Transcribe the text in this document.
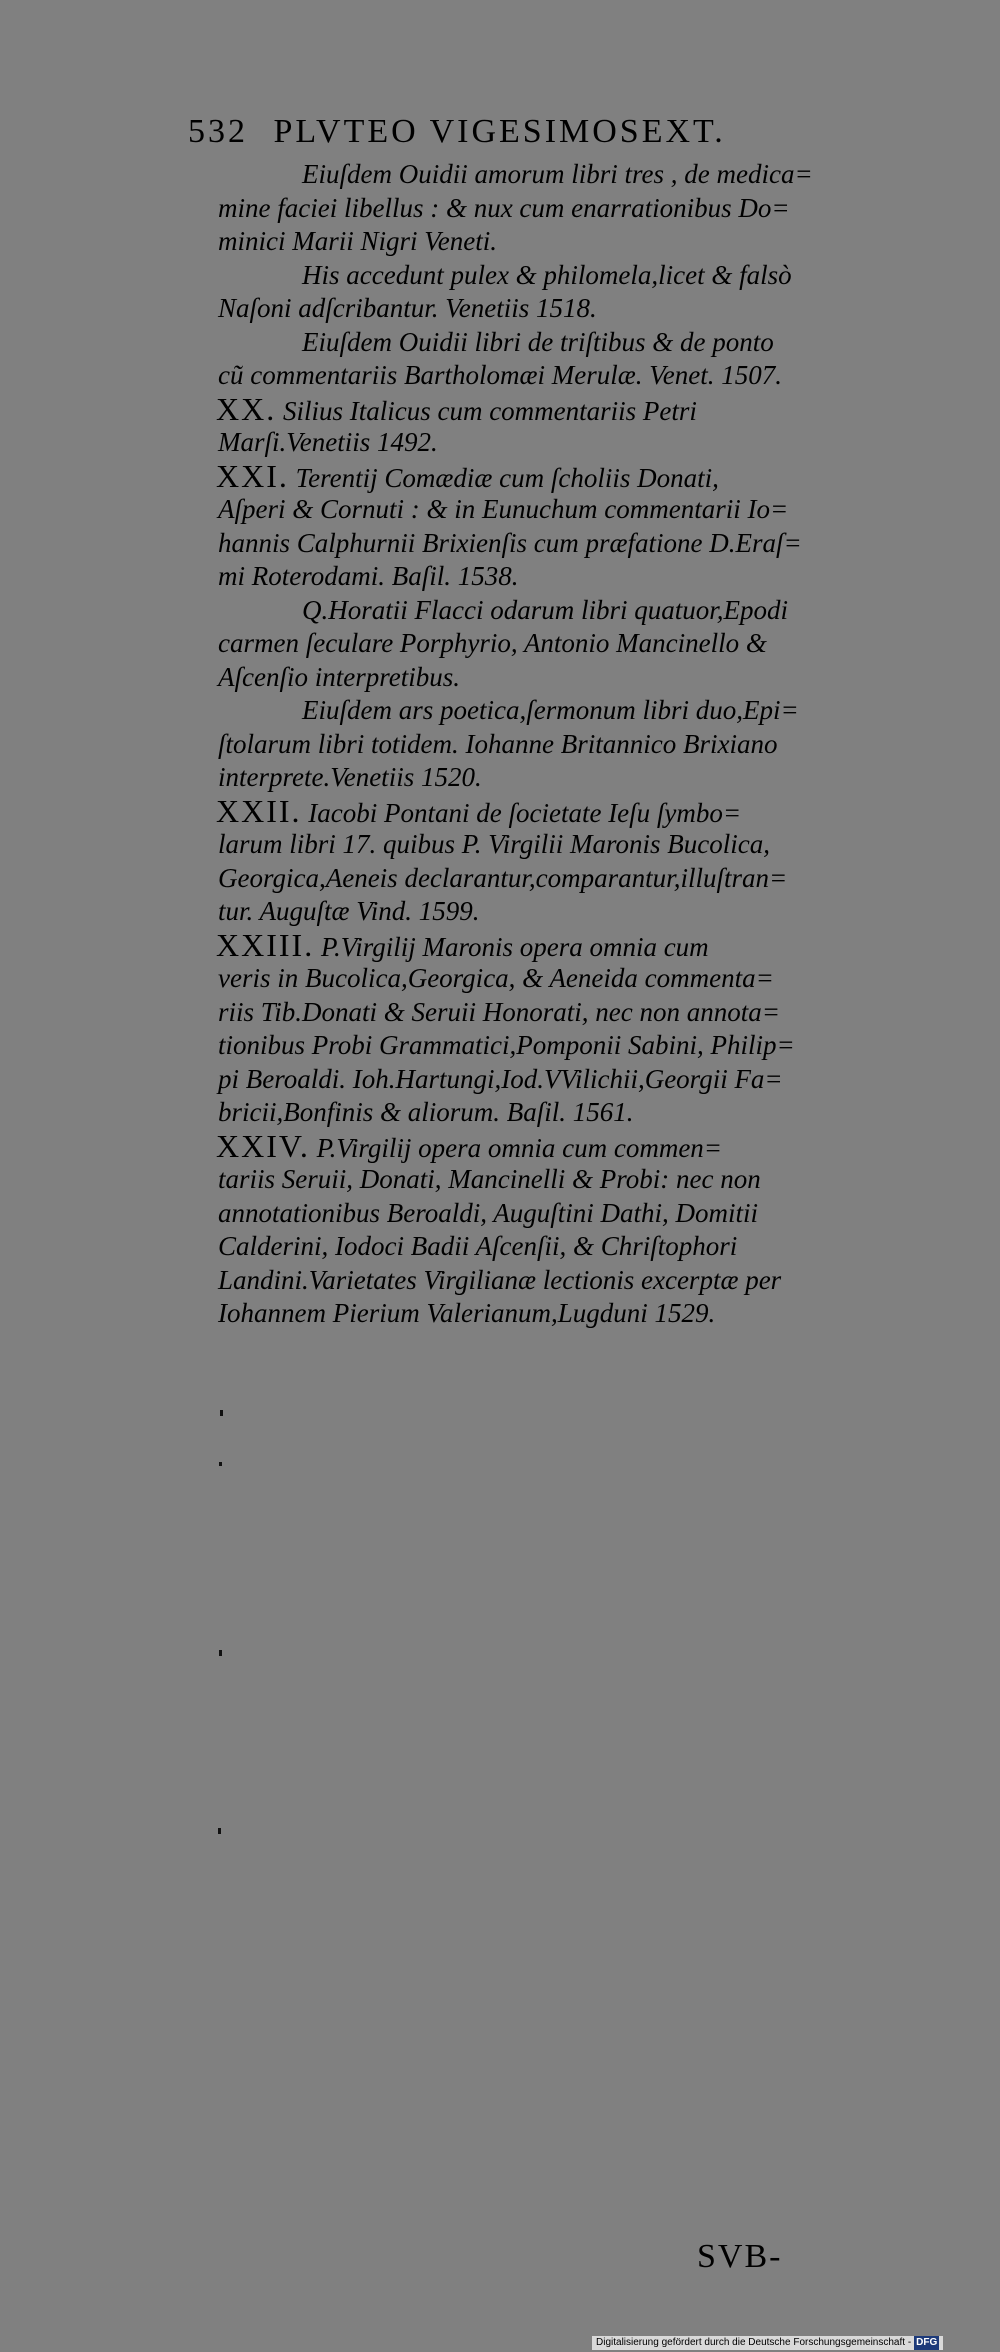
532 PLVTEO VIGESIMOSEXT.
Eiuſdem Ouidii amorum libri tres , de medica=
mine faciei libellus : & nux cum enarrationibus Do=
minici Marii Nigri Veneti.
His accedunt pulex & philomela,licet & falsò
Naſoni adſcribantur. Venetiis 1518.
Eiuſdem Ouidii libri de triſtibus & de ponto
cũ commentariis Bartholomæi Merulæ. Venet. 1507.
XX. Silius Italicus cum commentariis Petri
Marſi.Venetiis 1492.
XXI. Terentij Comædiæ cum ſcholiis Donati,
Aſperi & Cornuti : & in Eunuchum commentarii Io=
hannis Calphurnii Brixienſis cum præfatione D.Eraſ=
mi Roterodami. Baſil. 1538.
Q.Horatii Flacci odarum libri quatuor,Epodi
carmen ſeculare Porphyrio, Antonio Mancinello &
Aſcenſio interpretibus.
Eiuſdem ars poetica,ſermonum libri duo,Epi=
ſtolarum libri totidem. Iohanne Britannico Brixiano
interprete.Venetiis 1520.
XXII. Iacobi Pontani de ſocietate Ieſu ſymbo=
larum libri 17. quibus P. Virgilii Maronis Bucolica,
Georgica,Aeneis declarantur,comparantur,illuſtran=
tur. Auguſtæ Vind. 1599.
XXIII. P.Virgilij Maronis opera omnia cum
veris in Bucolica,Georgica, & Aeneida commenta=
riis Tib.Donati & Seruii Honorati, nec non annota=
tionibus Probi Grammatici,Pomponii Sabini, Philip=
pi Beroaldi. Ioh.Hartungi,Iod.VVilichii,Georgii Fa=
bricii,Bonfinis & aliorum. Baſil. 1561.
XXIV. P.Virgilij opera omnia cum commen=
tariis Seruii, Donati, Mancinelli & Probi: nec non
annotationibus Beroaldi, Auguſtini Dathi, Domitii
Calderini, Iodoci Badii Aſcenſii, & Chriſtophori
Landini.Varietates Virgilianæ lectionis excerptæ per
Iohannem Pierium Valerianum,Lugduni 1529.
SVB-
Digitalisierung gefördert durch die Deutsche Forschungsgemeinschaft - DFG
